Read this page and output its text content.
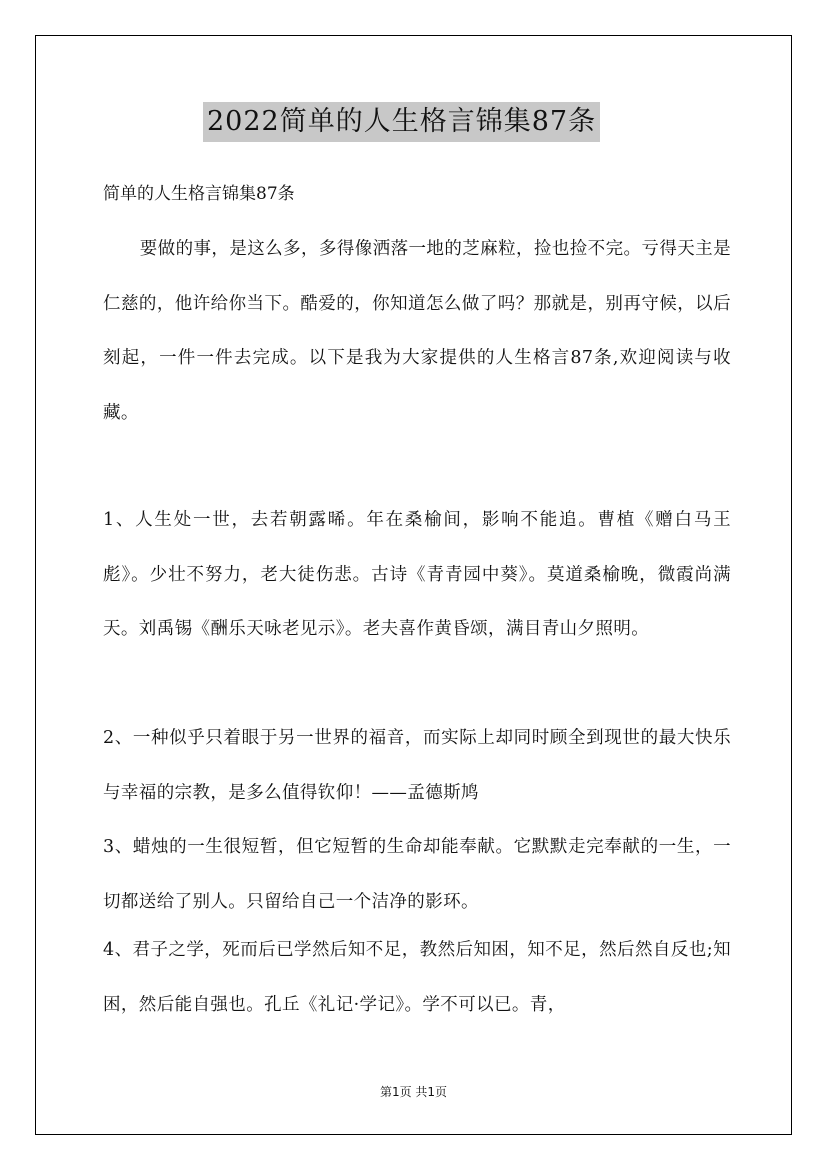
2022简单的人生格言锦集87条
简单的人生格言锦集87条

要做的事，是这么多，多得像洒落一地的芝麻粒，捡也捡不完。亏得天主是仁慈的，他许给你当下。酷爱的，你知道怎么做了吗？那就是，别再守候，以后刻起，一件一件去完成。以下是我为大家提供的人生格言87条,欢迎阅读与收藏。

1、人生处一世，去若朝露晞。年在桑榆间，影响不能追。曹植《赠白马王彪》。少壮不努力，老大徒伤悲。古诗《青青园中葵》。莫道桑榆晚，微霞尚满天。刘禹锡《酬乐天咏老见示》。老夫喜作黄昏颂，满目青山夕照明。

2、一种似乎只着眼于另一世界的福音，而实际上却同时顾全到现世的最大快乐与幸福的宗教，是多么值得钦仰！——孟德斯鸠

3、蜡烛的一生很短暂，但它短暂的生命却能奉献。它默默走完奉献的一生，一切都送给了别人。只留给自己一个洁净的影环。

4、君子之学，死而后已学然后知不足，教然后知困，知不足，然后然自反也;知困，然后能自强也。孔丘《礼记·学记》。学不可以已。青，

第1页 共1页
